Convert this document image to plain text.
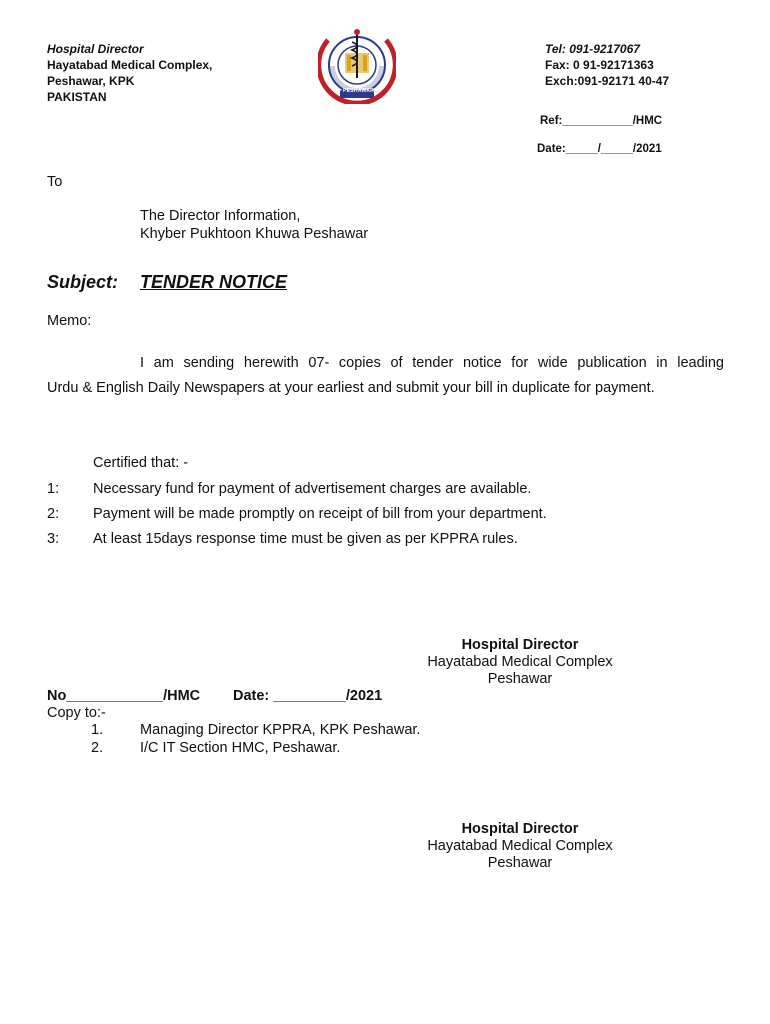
Hospital Director
Hayatabad Medical Complex,
Peshawar, KPK
PAKISTAN	PESHAWAR
Tel: 091-9217067
Fax: 0 91-92171363
Exch:091-92171 40-47
Ref:___________/HMC
Date:_____/_____/2021
To
The Director Information,
Khyber Pukhtoon Khuwa Peshawar
Subject: TENDER NOTICE
Memo:
I am sending herewith 07- copies of tender notice for wide publication in leading
Urdu & English Daily Newspapers at your earliest and submit your bill in duplicate for payment.
Certified that: -
1:	Necessary fund for payment of advertisement charges are available.
2:	Payment will be made promptly on receipt of bill from your department.
3:	At least 15days response time must be given as per KPPRA rules.
Hospital Director
Hayatabad Medical Complex
Peshawar
No____________/HMC Date: _________/2021
Copy to:-
1.	Managing Director KPPRA, KPK Peshawar.
2.	I/C IT Section HMC, Peshawar.
Hospital Director
Hayatabad Medical Complex
Peshawar
